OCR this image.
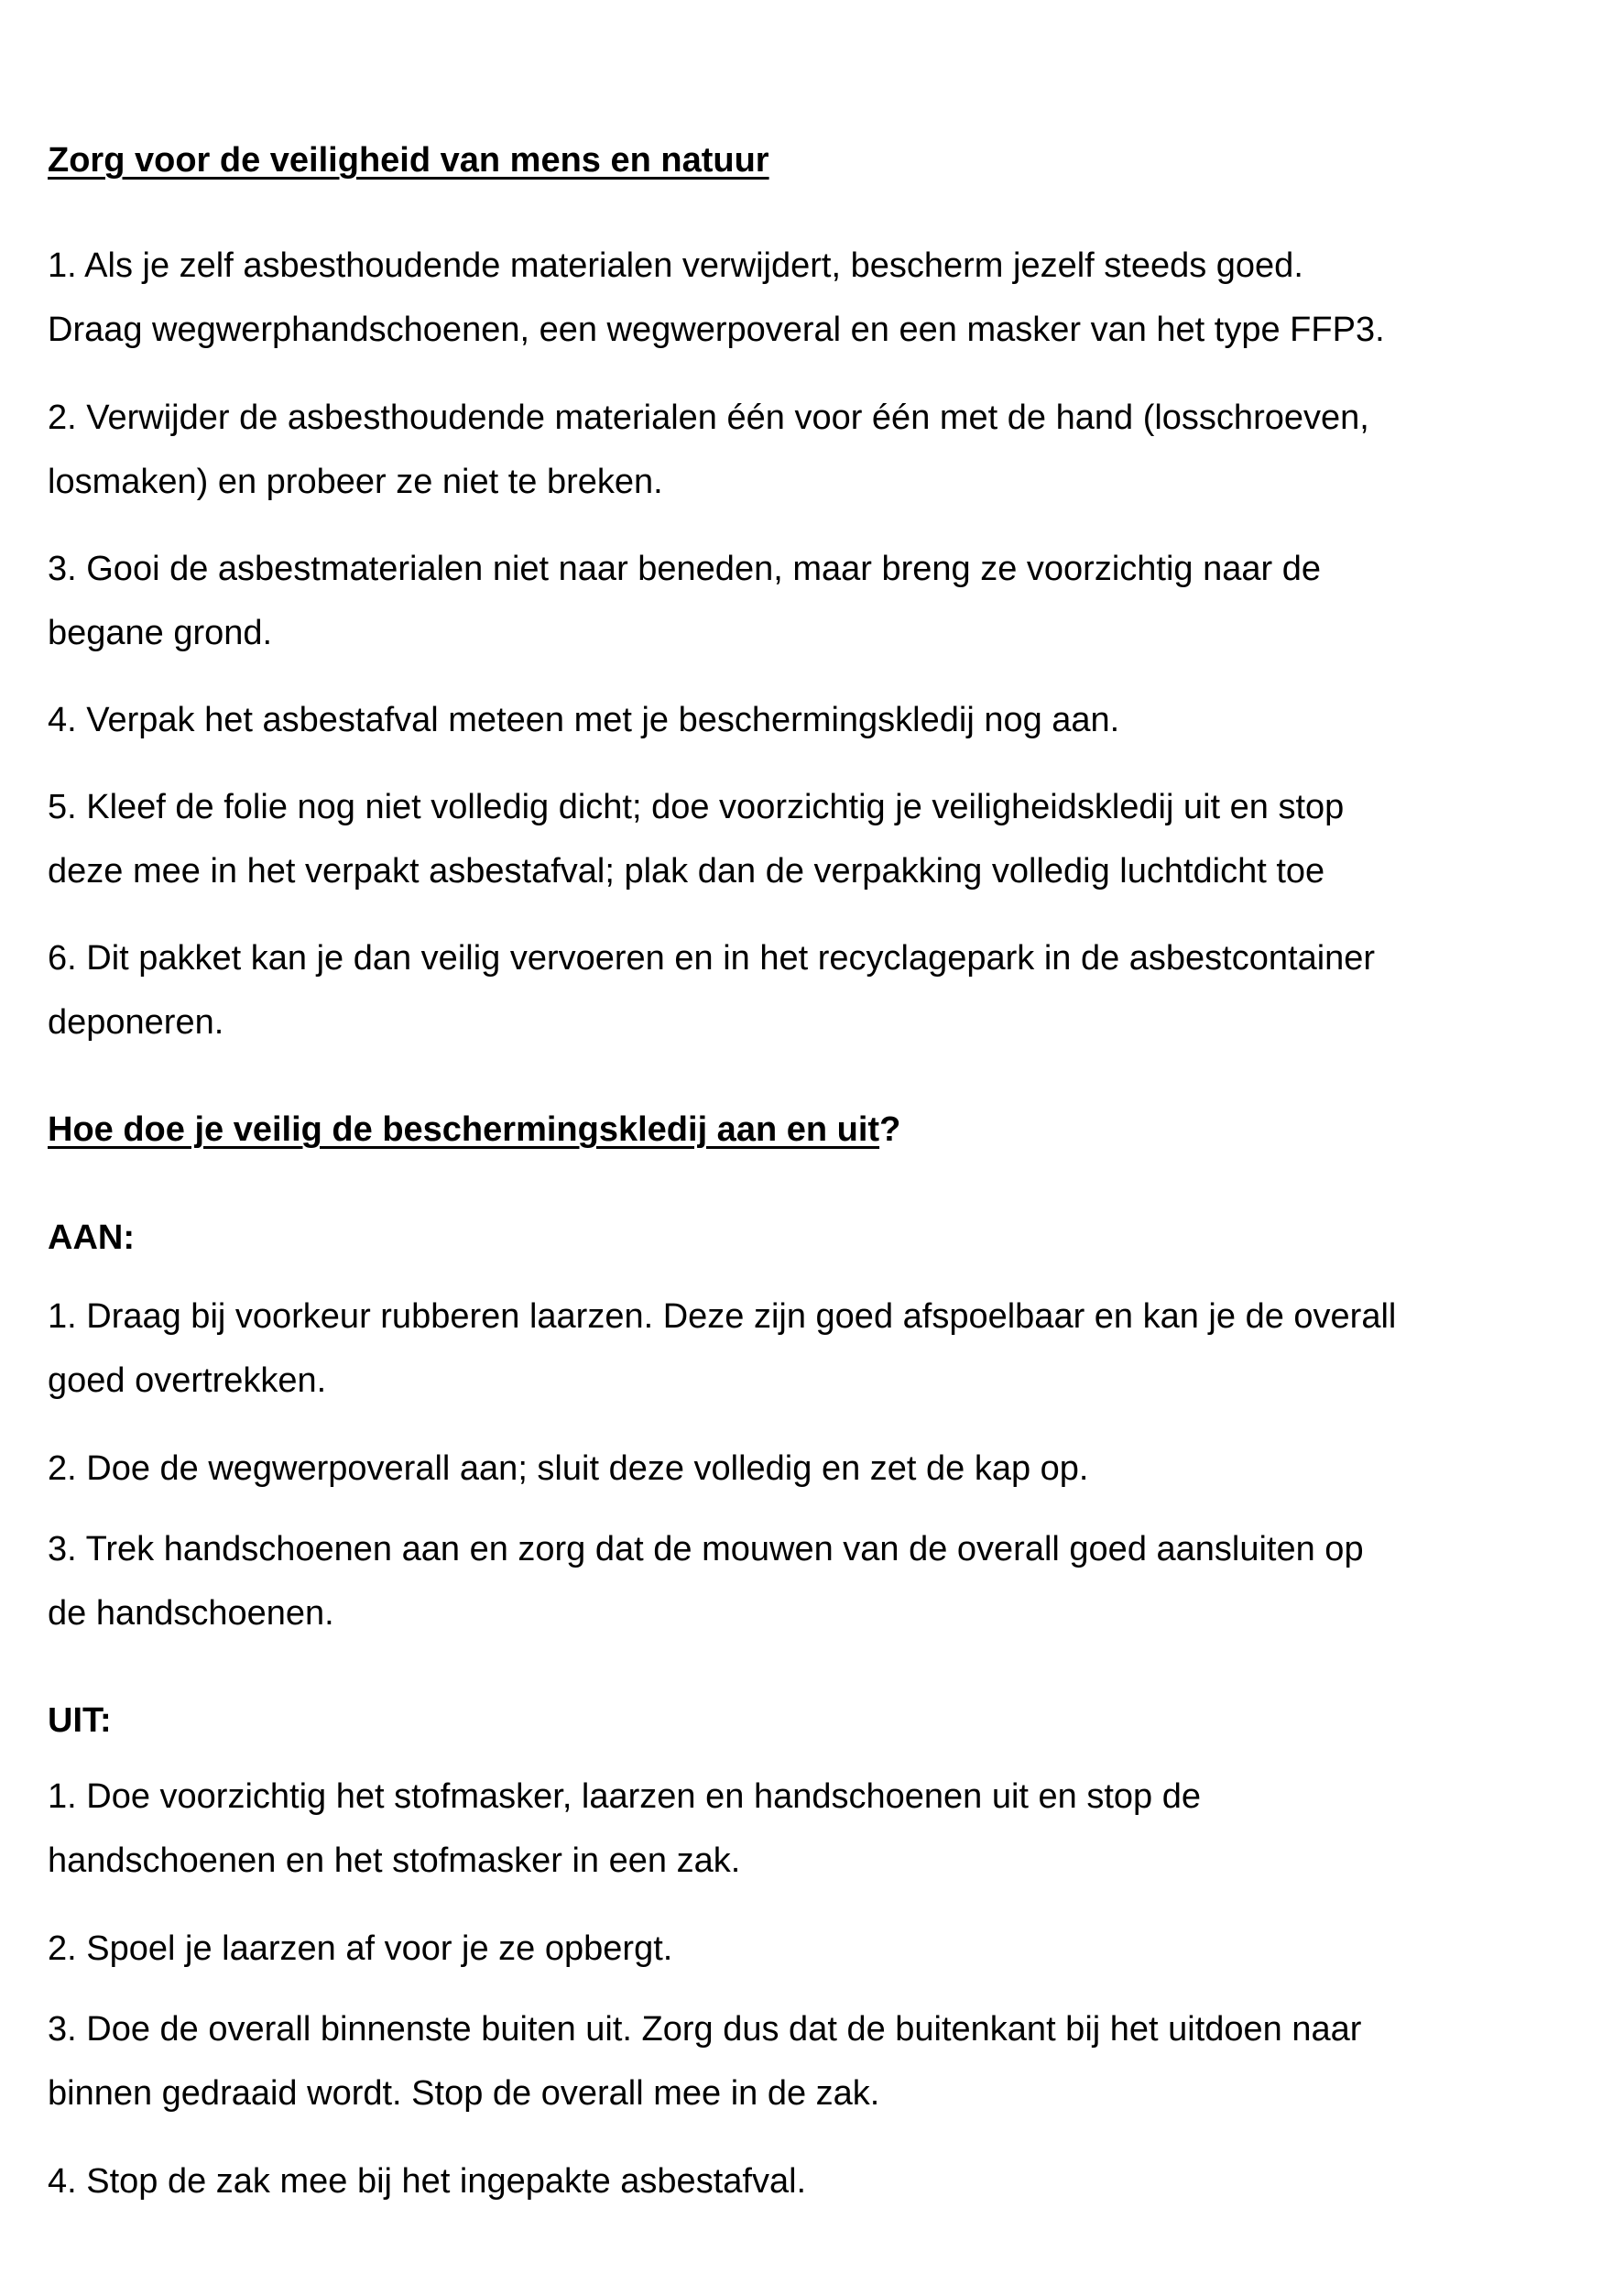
Zorg voor de veiligheid van mens en natuur

1. Als je zelf asbesthoudende materialen verwijdert, bescherm jezelf steeds goed.
Draag wegwerphandschoenen, een wegwerpoveral en een masker van het type FFP3.

2. Verwijder de asbesthoudende materialen één voor één met de hand (losschroeven,
losmaken) en probeer ze niet te breken.

3. Gooi de asbestmaterialen niet naar beneden, maar breng ze voorzichtig naar de
begane grond.

4. Verpak het asbestafval meteen met je beschermingskledij nog aan.

5. Kleef de folie nog niet volledig dicht; doe voorzichtig je veiligheidskledij uit en stop
deze mee in het verpakt asbestafval; plak dan de verpakking volledig luchtdicht toe

6. Dit pakket kan je dan veilig vervoeren en in het recyclagepark in de asbestcontainer
deponeren.

Hoe doe je veilig de beschermingskledij aan en uit?

AAN:

1. Draag bij voorkeur rubberen laarzen. Deze zijn goed afspoelbaar en kan je de overall
goed overtrekken.

2. Doe de wegwerpoverall aan; sluit deze volledig en zet de kap op.

3. Trek handschoenen aan en zorg dat de mouwen van de overall goed aansluiten op
de handschoenen.

UIT:

1. Doe voorzichtig het stofmasker, laarzen en handschoenen uit en stop de
handschoenen en het stofmasker in een zak.

2. Spoel je laarzen af voor je ze opbergt.

3. Doe de overall binnenste buiten uit. Zorg dus dat de buitenkant bij het uitdoen naar
binnen gedraaid wordt. Stop de overall mee in de zak.

4. Stop de zak mee bij het ingepakte asbestafval.
